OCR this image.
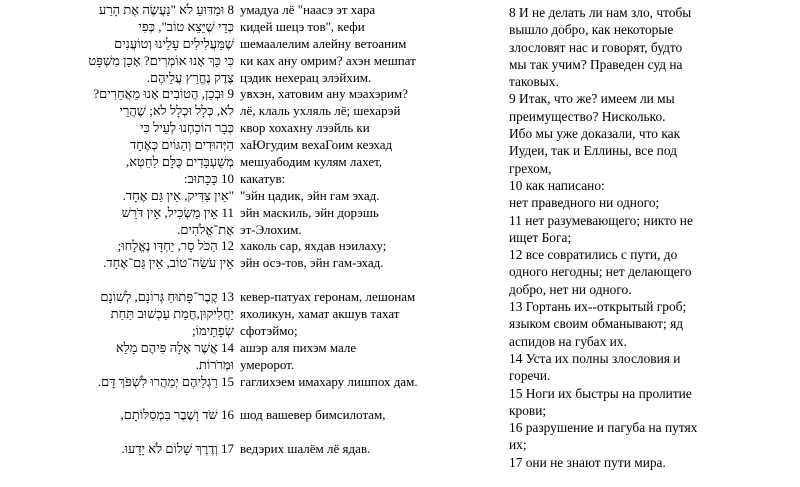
8 וּמַדּוּעַ לֹא "נַעֲשֶׂה אֶת הָרַע
כְּדֵי שֶׁיֵּצֵא טוֹב", כְּפִי
שֶׁמַּעֲלִילִים עָלֵינוּ וְטוֹעֲנִים
כִּי כָּךְ אָנוּ אוֹמְרִים? אָכֵן מִשְׁפָּט
צֶדֶק נֶחֱרַץ עֲלֵיהֶם.
9 וּבְכֵן, הֲטוֹבִים אָנוּ מֵאֲחֵרִים?
לֹא, כְּלָל וּכְלָל לֹא; שֶׁהֲרֵי
כְּבָר הוֹכַחְנוּ לְעֵיל כִּי
הַיְּהוּדִים וְהַגּוֹיִם כְּאֶחָד
מְשֻׁעְבָּדִים כֻּלָּם לַחֵטְא,
10 כַּכָּתוּב:
"אֵין צַדִּיק, אֵין גַּם אֶחָד.
11 אֵין מַשְׂכִּיל, אֵין דֹּרֵשׁ
אֶת־אֱלֹהִים.
12 הַכֹּל סָר, יַחְדָּו נֶאֱלָחוּ;
אֵין עֹשֵׂה־טוֹב, אֵין גַּם־אֶחָד.
13 קֶבֶר־פָּתוּחַ גְּרוֹנָם, לְשׁוֹנָם
יַחֲלִיקוּן,חֲמַת עַכְשׁוּב תַּחַת
שְׂפָתֵימוֹ;
14 אֲשֶׁר אָלָה פִּיהֶם מָלֵא
וּמְרֹרוֹת.
15 רַגְלֵיהֶם יְמַהֲרוּ לִשְׁפֹּךְ דָּם.
16 שֹׁד וָשֶׁבֶר בִּמְסִלּוֹתָם,
17 וְדֶרֶךְ שָׁלוֹם לֹא יָדָעוּ.
умадуа лё "наасэ эт хара
кидей шецэ тов", кефи
шемаалелим алейну ветоаним
ки ках ану омрим? ахэн мешпат
цэдик нехерац элэйхим.
увхэн, хатовим ану мэахэрим?
лё, клаль ухляль лё; шехарэй
квор хохахну лээйль ки
хаЮгудим вехаГоим кеэхад
мешуабодим кулям лахет,
какатув:
"эйн цадик, эйн гам эхад.
эйн маскиль, эйн дорэшь
эт-Элохим.
хаколь сар, яхдав нэилаху;
эйн осэ-тов, эйн гам-эхад.
кевер-патуах геронам, лешонам
яхоликун, хамат акшув тахат
сфотэймо;
ашэр аля пихэм мале
умеророт.
гаглихэем имахару лишпох дам.
шод вашевер бимсилотам,
ведэрих шалём лё ядав.
8 И не делать ли нам зло, чтобы
вышло добро, как некоторые
злословят нас и говорят, будто
мы так учим? Праведен суд на
таковых.
9 Итак, что же? имеем ли мы
преимущество? Нисколько.
Ибо мы уже доказали, что как
Иудеи, так и Еллины, все под
грехом,
10 как написано:
нет праведного ни одного;
11 нет разумевающего; никто не
ищет Бога;
12 все совратились с пути, до
одного негодны; нет делающего
добро, нет ни одного.
13 Гортань их--открытый гроб;
языком своим обманывают; яд
аспидов на губах их.
14 Уста их полны злословия и
горечи.
15 Ноги их быстры на пролитие
крови;
16 разрушение и пагуба на путях
их;
17 они не знают пути мира.
